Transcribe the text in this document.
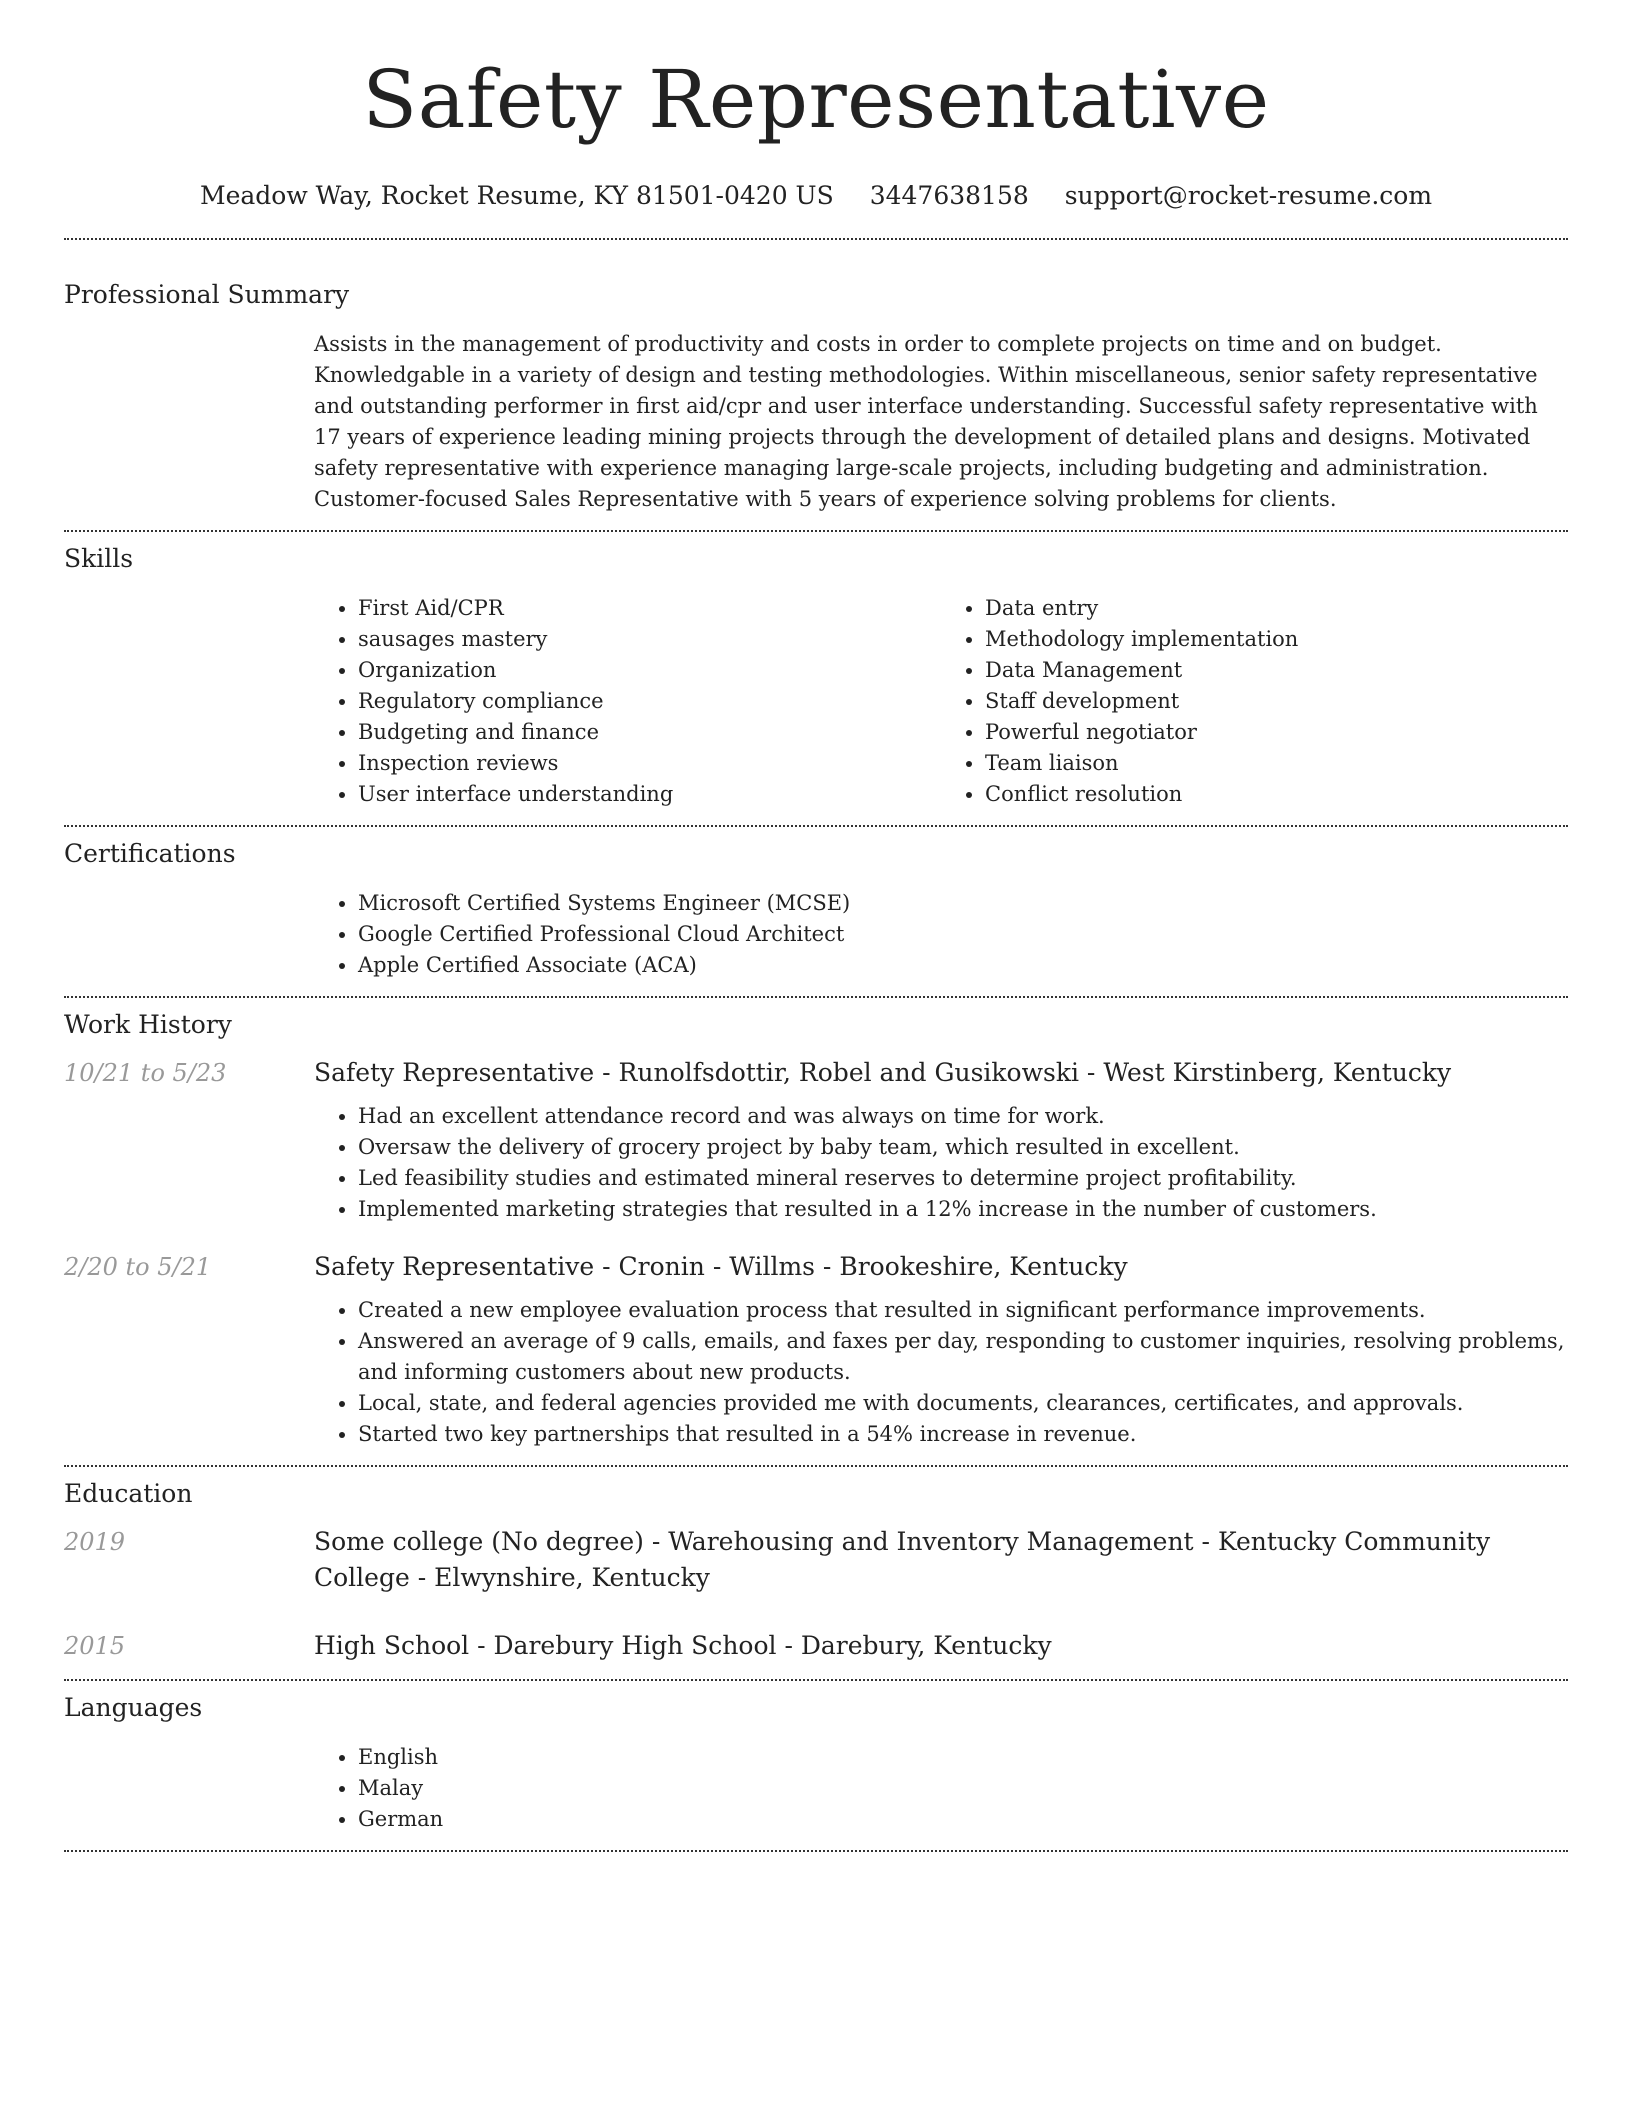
Safety Representative
Meadow Way, Rocket Resume, KY 81501-0420 US 3447638158 support@rocket-resume.com
Professional Summary

Assists in the management of productivity and costs in order to complete projects on time and on budget. Knowledgable in a variety of design and testing methodologies. Within miscellaneous, senior safety representative and outstanding performer in first aid/cpr and user interface understanding. Successful safety representative with 17 years of experience leading mining projects through the development of detailed plans and designs. Motivated safety representative with experience managing large-scale projects, including budgeting and administration. Customer-focused Sales Representative with 5 years of experience solving problems for clients.

Skills
• First Aid/CPR
• sausages mastery
• Organization
• Regulatory compliance
• Budgeting and finance
• Inspection reviews
• User interface understanding
• Data entry
• Methodology implementation
• Data Management
• Staff development
• Powerful negotiator
• Team liaison
• Conflict resolution
Certifications
• Microsoft Certified Systems Engineer (MCSE)
• Google Certified Professional Cloud Architect
• Apple Certified Associate (ACA)
Work History
10/21 to 5/23	Safety Representative - Runolfsdottir, Robel and Gusikowski - West Kirstinberg, Kentucky
• Had an excellent attendance record and was always on time for work.
• Oversaw the delivery of grocery project by baby team, which resulted in excellent.
• Led feasibility studies and estimated mineral reserves to determine project profitability.
• Implemented marketing strategies that resulted in a 12% increase in the number of customers.
2/20 to 5/21	Safety Representative - Cronin - Willms - Brookeshire, Kentucky
• Created a new employee evaluation process that resulted in significant performance improvements.
• Answered an average of 9 calls, emails, and faxes per day, responding to customer inquiries, resolving problems, and informing customers about new products.
• Local, state, and federal agencies provided me with documents, clearances, certificates, and approvals.
• Started two key partnerships that resulted in a 54% increase in revenue.
Education
2019	Some college (No degree) - Warehousing and Inventory Management - Kentucky Community College - Elwynshire, Kentucky
2015	High School - Darebury High School - Darebury, Kentucky
Languages
• English
• Malay
• German
